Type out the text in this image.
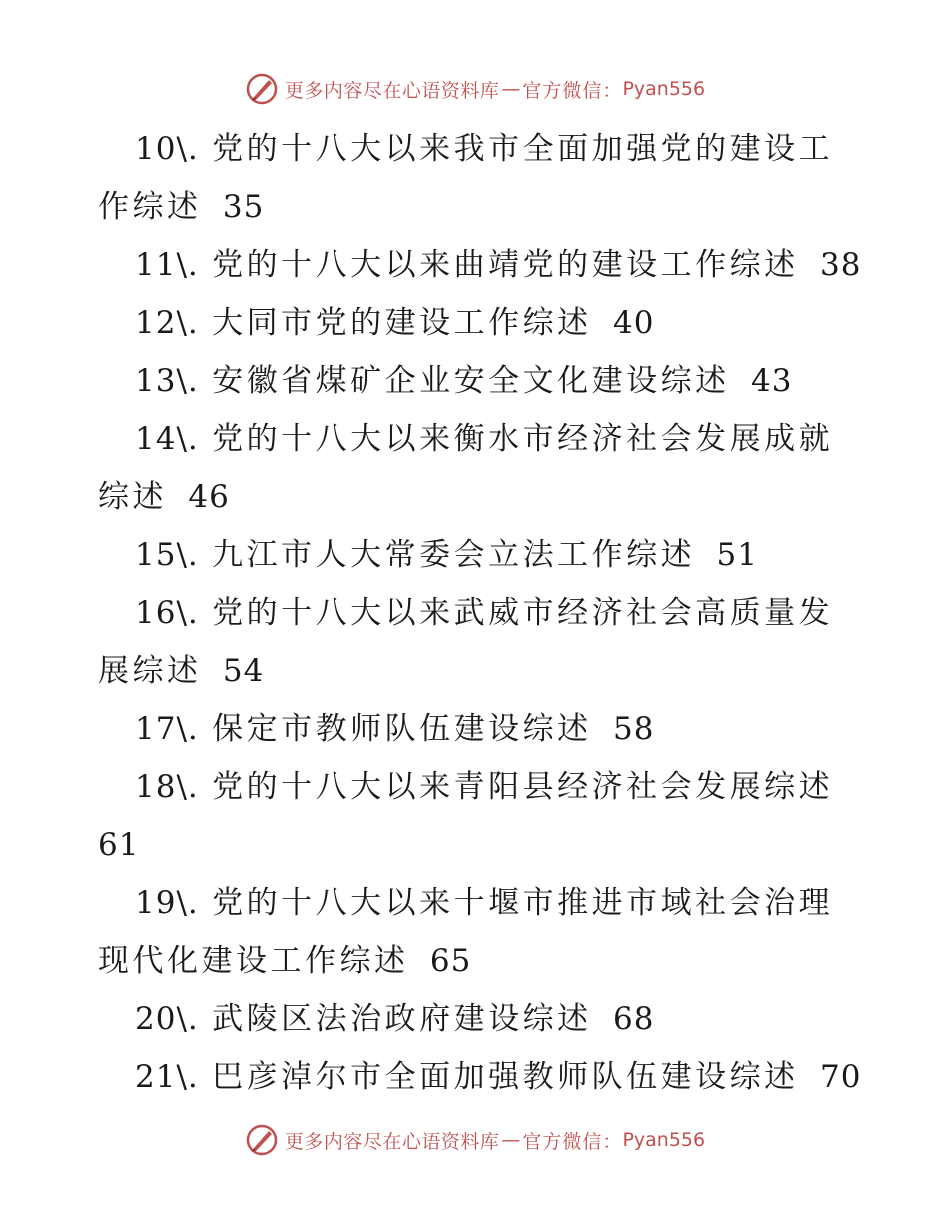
更多内容尽在心语资料库 — 官方微信： Pyan556
10\. 党的十八大以来我市全面加强党的建设工
作综述 35
11\. 党的十八大以来曲靖党的建设工作综述 38
12\. 大同市党的建设工作综述 40
13\. 安徽省煤矿企业安全文化建设综述 43
14\. 党的十八大以来衡水市经济社会发展成就
综述 46
15\. 九江市人大常委会立法工作综述 51
16\. 党的十八大以来武威市经济社会高质量发
展综述 54
17\. 保定市教师队伍建设综述 58
18\. 党的十八大以来青阳县经济社会发展综述
61
19\. 党的十八大以来十堰市推进市域社会治理
现代化建设工作综述 65
20\. 武陵区法治政府建设综述 68
21\. 巴彦淖尔市全面加强教师队伍建设综述 70
更多内容尽在心语资料库 — 官方微信： Pyan556
